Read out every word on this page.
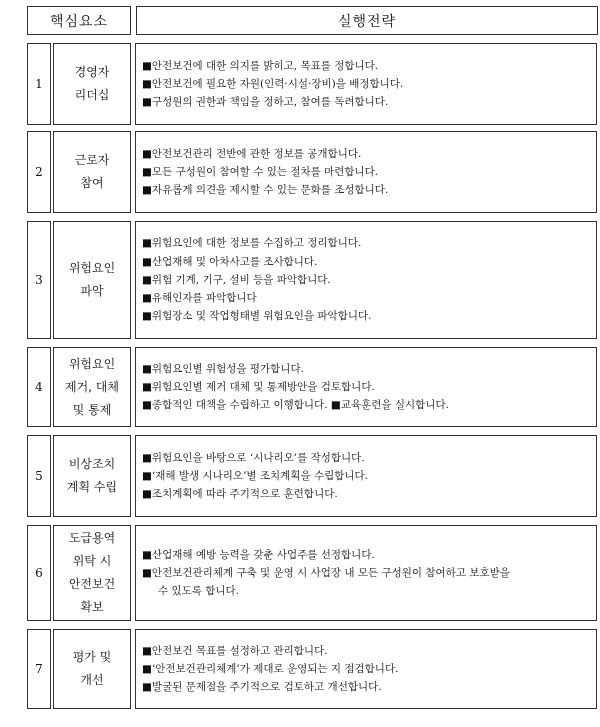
핵심요소	실행전략
1
경영자
리더십
■안전보건에 대한 의지를 밝히고, 목표를 정합니다.
■안전보건에 필요한 자원(인력·시설·장비)을 배정합니다.
■구성원의 권한과 책임을 정하고, 참여를 독려합니다.
2
근로자
참여
■안전보건관리 전반에 관한 정보를 공개합니다.
■모든 구성원이 참여할 수 있는 절차를 마련합니다.
■자유롭게 의견을 제시할 수 있는 문화를 조성합니다.
3
위험요인
파악
■위험요인에 대한 정보를 수집하고 정리합니다.
■산업재해 및 아차사고를 조사합니다.
■위험 기계, 기구, 설비 등을 파악합니다.
■유해인자를 파악합니다
■위험장소 및 작업형태별 위험요인을 파악합니다.
4
위험요인
제거, 대체
및 통제
■위험요인별 위험성을 평가합니다.
■위험요인별 제거 대체 및 통제방안을 검토합니다.
■종합적인 대책을 수립하고 이행합니다. ■교육훈련을 실시합니다.
5
비상조치
계획 수립
■위험요인을 바탕으로 ‘시나리오’를 작성합니다.
■‘재해 발생 시나리오’별 조치계획을 수립합니다.
■조치계획에 따라 주기적으로 훈련합니다.
6
도급용역
위탁 시
안전보건
확보
■산업재해 예방 능력을 갖춘 사업주를 선정합니다.
■안전보건관리체계 구축 및 운영 시 사업장 내 모든 구성원이 참여하고 보호받을
수 있도록 합니다.
7
평가 및
개선
■안전보건 목표를 설정하고 관리합니다.
■‘안전보건관리체계’가 제대로 운영되는 지 점검합니다.
■발굴된 문제점을 주기적으로 검토하고 개선합니다.
